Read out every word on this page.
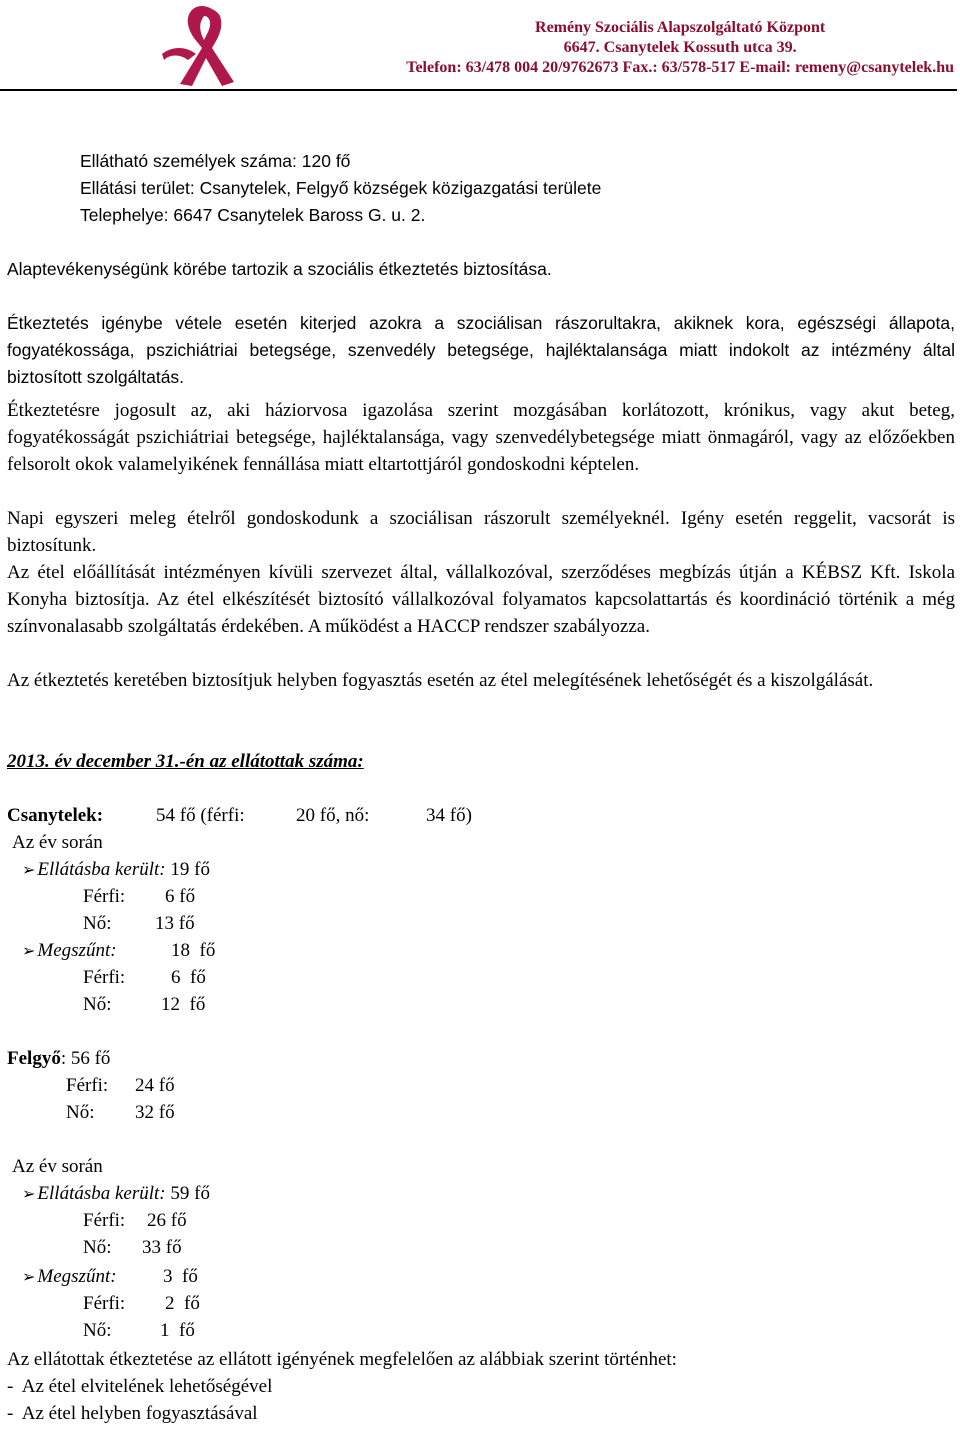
Remény Szociális Alapszolgáltató Központ
6647. Csanytelek Kossuth utca 39.
Telefon: 63/478 004 20/9762673 Fax.: 63/578-517 E-mail: remeny@csanytelek.hu
Ellátható személyek száma: 120 fő
Ellátási terület: Csanytelek, Felgyő községek közigazgatási területe
Telephelye: 6647 Csanytelek Baross G. u. 2.
Alaptevékenységünk körébe tartozik a szociális étkeztetés biztosítása.
Étkeztetés igénybe vétele esetén kiterjed azokra a szociálisan rászorultakra, akiknek kora, egészségi állapota, fogyatékossága, pszichiátriai betegsége, szenvedély betegsége, hajléktalansága miatt indokolt az intézmény által biztosított szolgáltatás.
Étkeztetésre jogosult az, aki háziorvosa igazolása szerint mozgásában korlátozott, krónikus, vagy akut beteg, fogyatékosságát pszichiátriai betegsége, hajléktalansága, vagy szenvedélybetegsége miatt önmagáról, vagy az előzőekben felsorolt okok valamelyikének fennállása miatt eltartottjáról gondoskodni képtelen.
Napi egyszeri meleg ételről gondoskodunk a szociálisan rászorult személyeknél. Igény esetén reggelit, vacsorát is biztosítunk.
Az étel előállítását intézményen kívüli szervezet által, vállalkozóval, szerződéses megbízás útján a KÉBSZ Kft. Iskola Konyha biztosítja. Az étel elkészítését biztosító vállalkozóval folyamatos kapcsolattartás és koordináció történik a még színvonalasabb szolgáltatás érdekében. A működést a HACCP rendszer szabályozza.
Az étkeztetés keretében biztosítjuk helyben fogyasztás esetén az étel melegítésének lehetőségét és a kiszolgálását.
2013. év december 31.-én az ellátottak száma:
Csanytelek:	54 fő (férfi:	20 fő, nő:	34 fő)
Az év során
➢ Ellátásba került: 19 fő
Férfi: 6 fő
Nő: 13 fő
➢ Megszűnt:	18  fő
Férfi: 6  fő
Nő:	12  fő
Felgyő: 56 fő
Férfi: 24 fő
Nő: 32 fő
Az év során
➢ Ellátásba került: 59 fő
Férfi: 26 fő
Nő: 33 fő
➢ Megszűnt: 3  fő
Férfi: 2  fő
Nő:	1  fő
Az ellátottak étkeztetése az ellátott igényének megfelelően az alábbiak szerint történhet:
-  Az étel elvitelének lehetőségével
-  Az étel helyben fogyasztásával
